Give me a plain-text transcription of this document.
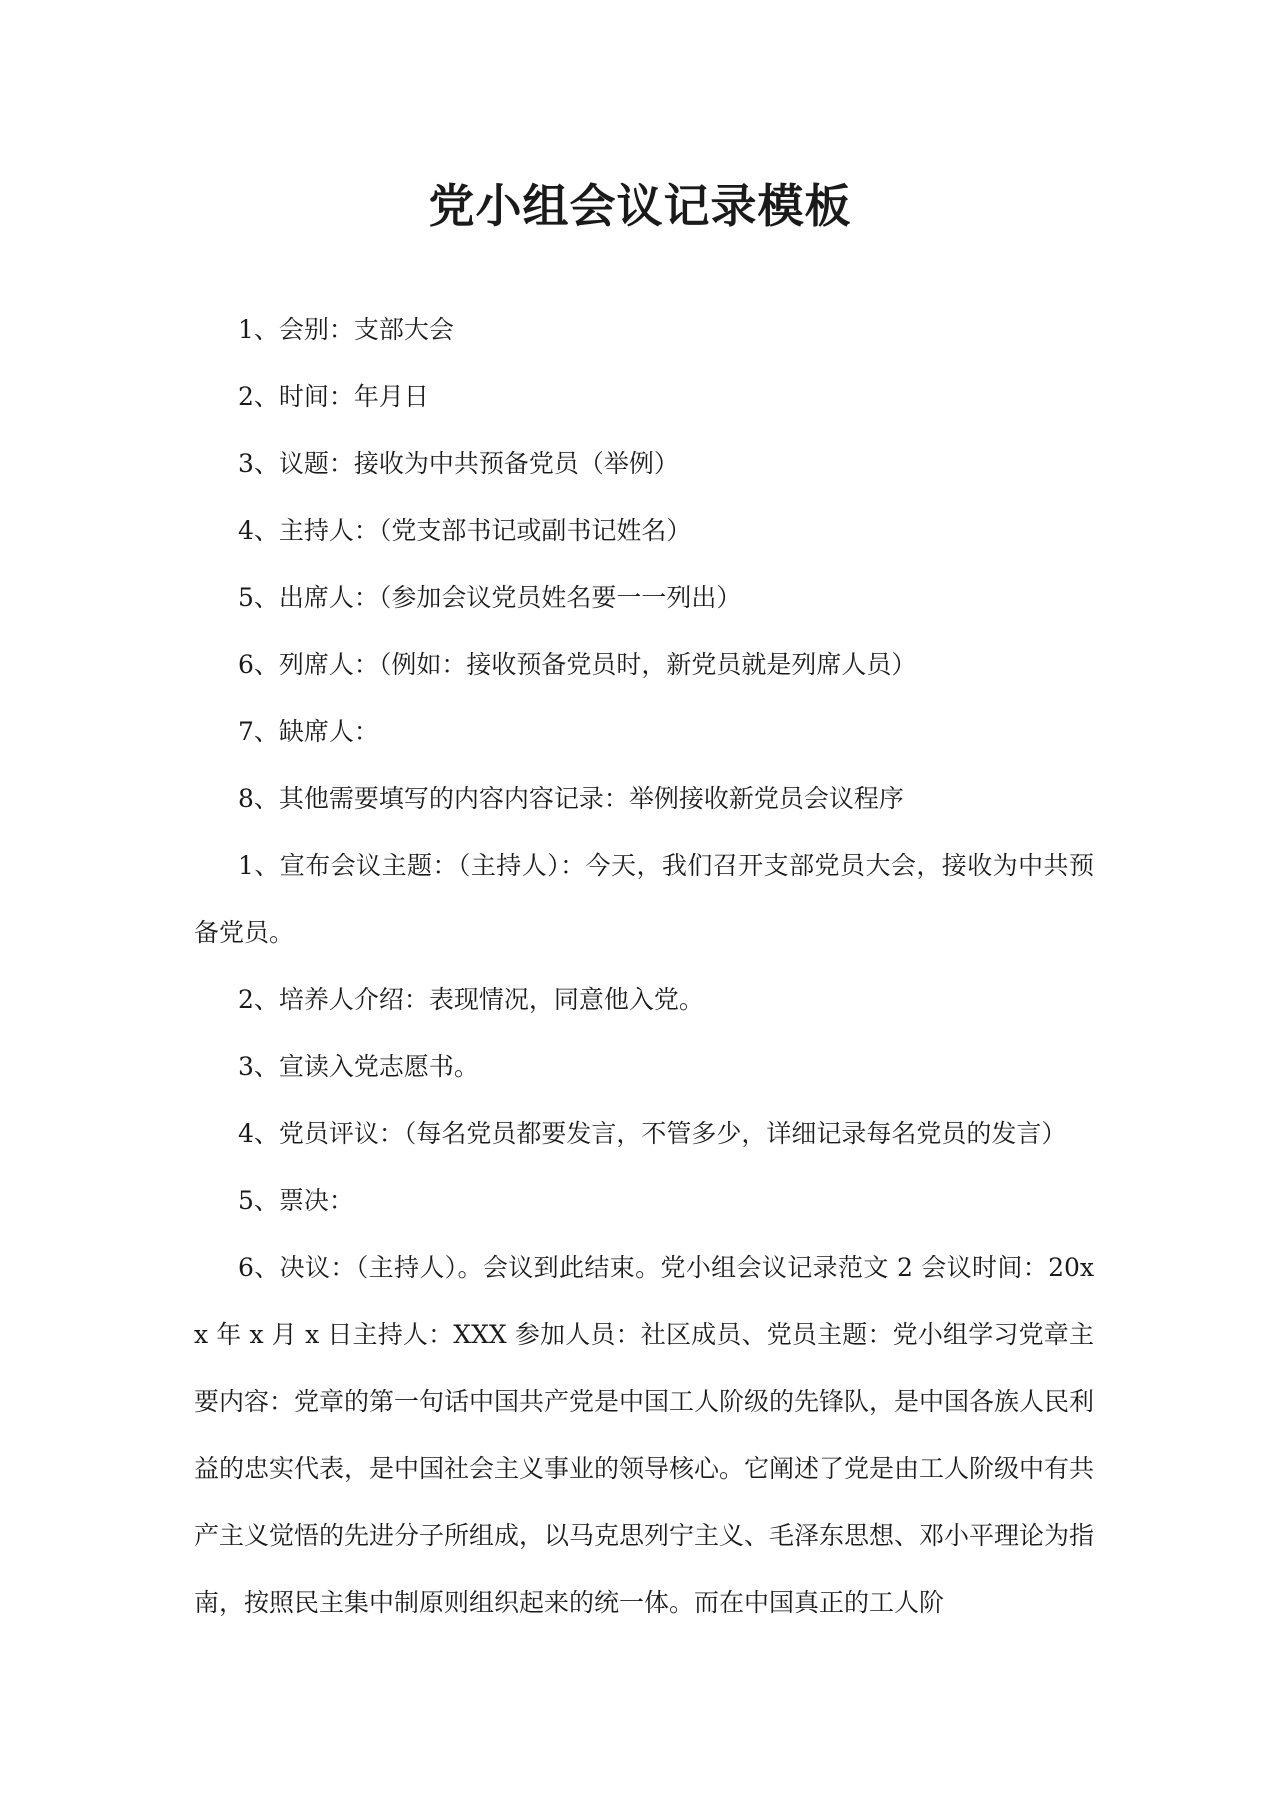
党小组会议记录模板

1、会别：支部大会

2、时间：年月日

3、议题：接收为中共预备党员（举例）

4、主持人：（党支部书记或副书记姓名）

5、出席人：（参加会议党员姓名要一一列出）

6、列席人：（例如：接收预备党员时，新党员就是列席人员）

7、缺席人：

8、其他需要填写的内容内容记录：举例接收新党员会议程序

1、宣布会议主题：（主持人）：今天，我们召开支部党员大会，接收为中共预备党员。

2、培养人介绍：表现情况，同意他入党。

3、宣读入党志愿书。

4、党员评议：（每名党员都要发言，不管多少，详细记录每名党员的发言）

5、票决：

6、决议：（主持人）。会议到此结束。党小组会议记录范文 2 会议时间：20xx 年 x 月 x 日主持人：XXX 参加人员：社区成员、党员主题：党小组学习党章主要内容：党章的第一句话中国共产党是中国工人阶级的先锋队，是中国各族人民利益的忠实代表，是中国社会主义事业的领导核心。它阐述了党是由工人阶级中有共产主义觉悟的先进分子所组成，以马克思列宁主义、毛泽东思想、邓小平理论为指南，按照民主集中制原则组织起来的统一体。而在中国真正的工人阶
